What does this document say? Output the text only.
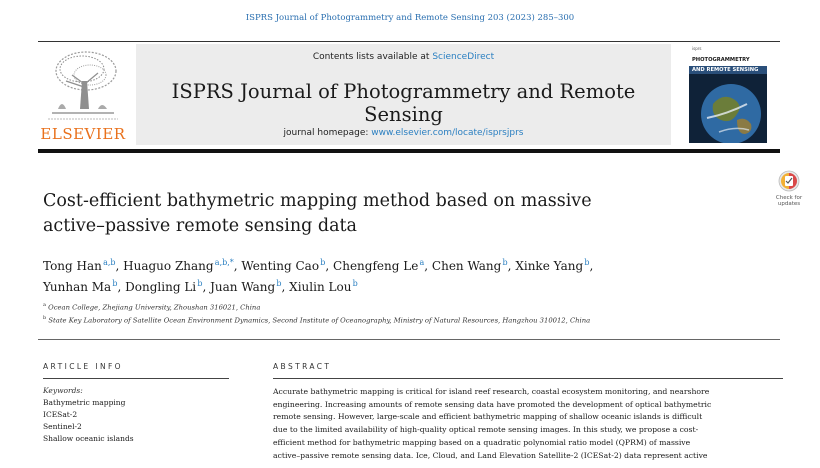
ISPRS Journal of Photogrammetry and Remote Sensing 203 (2023) 285–300
ELSEVIER
Contents lists available at ScienceDirect
ISPRS Journal of Photogrammetry and Remote Sensing
journal homepage: www.elsevier.com/locate/isprsjprs
isprs
PHOTOGRAMMETRY
AND REMOTE SENSING
Check for
updates
Cost-efficient bathymetric mapping method based on massive
active–passive remote sensing data
Tong Han $^{a,b}$, Huaguo Zhang $^{a,b,*}$, Wenting Cao $^b$, Chengfeng Le $^a$, Chen Wang $^b$, Xinke Yang $^b$,
Yunhan Ma $^b$, Dongling Li $^b$, Juan Wang $^b$, Xiulin Lou $^b$
$^a$ Ocean College, Zhejiang University, Zhoushan 316021, China
$^b$ State Key Laboratory of Satellite Ocean Environment Dynamics, Second Institute of Oceanography, Ministry of Natural Resources, Hangzhou 310012, China
ARTICLE INFO
Keywords:
Bathymetric mapping
ICESat-2
Sentinel-2
Shallow oceanic islands
ABSTRACT
Accurate bathymetric mapping is critical for island reef research, coastal ecosystem monitoring, and nearshore
engineering. Increasing amounts of remote sensing data have promoted the development of optical bathymetric
remote sensing. However, large-scale and efficient bathymetric mapping of shallow oceanic islands is difficult
due to the limited availability of high-quality optical remote sensing images. In this study, we propose a cost-
efficient method for bathymetric mapping based on a quadratic polynomial ratio model (QPRM) of massive
active–passive remote sensing data. Ice, Cloud, and Land Elevation Satellite-2 (ICESat-2) data represent active
